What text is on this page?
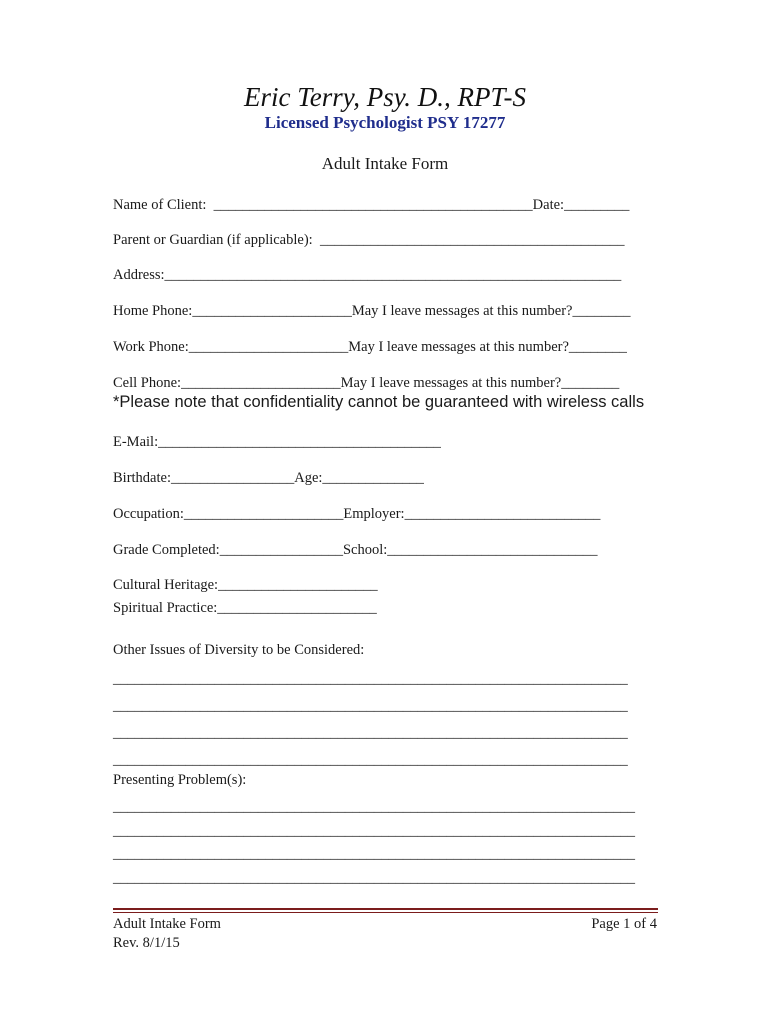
Eric Terry, Psy. D., RPT-S
Licensed Psychologist PSY 17277
Adult Intake Form
Name of Client:  ____________________________________________Date:_________
Parent or Guardian (if applicable):  __________________________________________
Address:_______________________________________________________________
Home Phone:______________________May I leave messages at this number?________
Work Phone:______________________May I leave messages at this number?________
Cell Phone:______________________May I leave messages at this number?________
*Please note that confidentiality cannot be guaranteed with wireless calls
E-Mail:_______________________________________
Birthdate:_________________Age:______________
Occupation:______________________Employer:___________________________
Grade Completed:_________________School:_____________________________
Cultural Heritage:______________________
Spiritual Practice:______________________
Other Issues of Diversity to be Considered:
_______________________________________________________________________
_______________________________________________________________________
_______________________________________________________________________
_______________________________________________________________________
Presenting Problem(s):
________________________________________________________________________
________________________________________________________________________
________________________________________________________________________
________________________________________________________________________
Adult Intake Form
Rev. 8/1/15
Page 1 of 4
